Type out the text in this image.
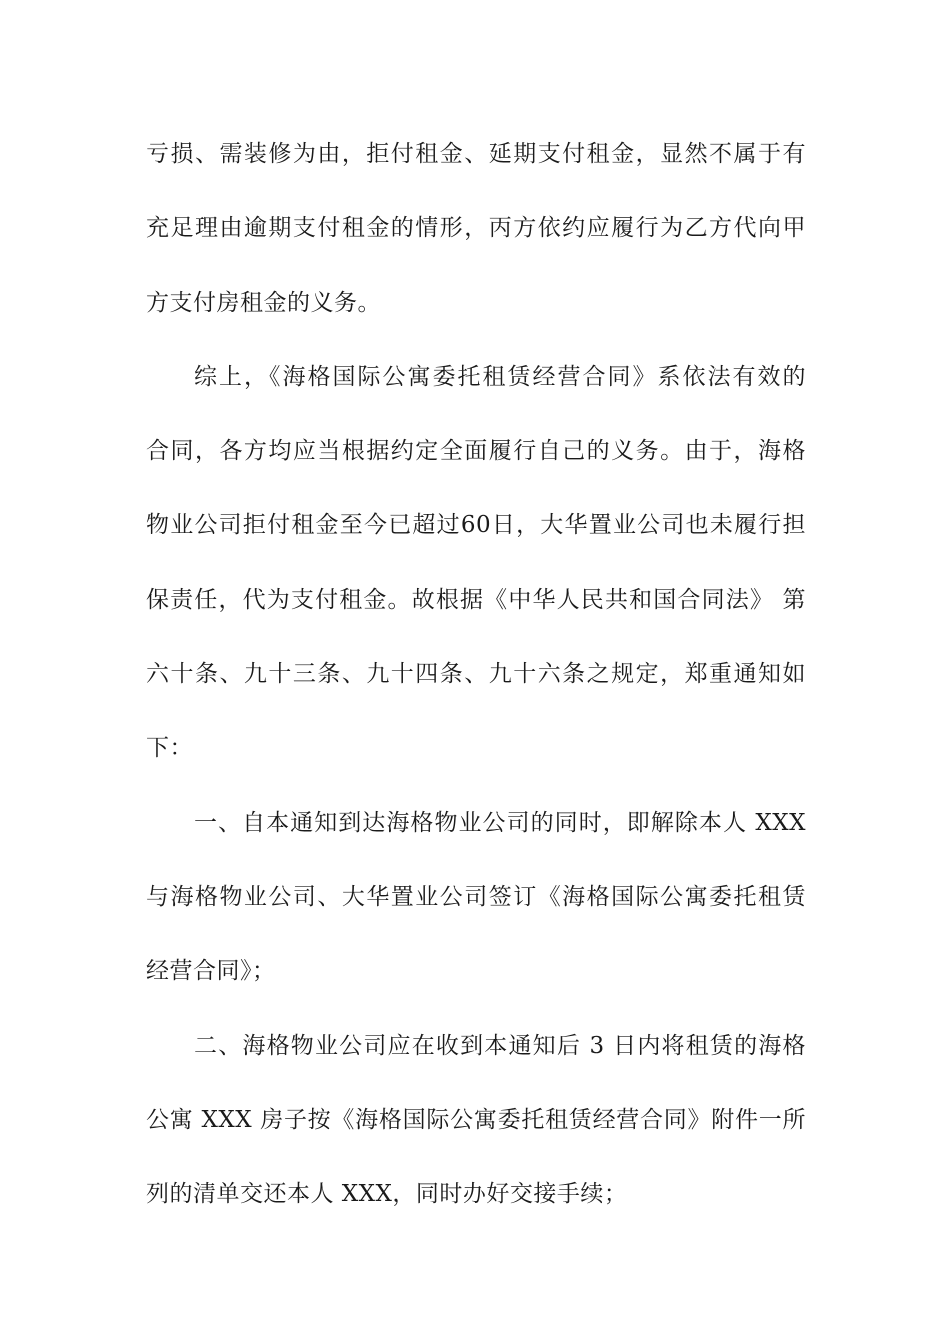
亏损、需装修为由，拒付租金、延期支付租金，显然不属于有
充足理由逾期支付租金的情形，丙方依约应履行为乙方代向甲
方支付房租金的义务。
综上，《海格国际公寓委托租赁经营合同》系依法有效的
合同，各方均应当根据约定全面履行自己的义务。由于，海格
物业公司拒付租金至今已超过60日，大华置业公司也未履行担
保责任，代为支付租金。故根据《中华人民共和国合同法》 第
六十条、九十三条、九十四条、九十六条之规定，郑重通知如
下：
一、自本通知到达海格物业公司的同时，即解除本人 XXX
与海格物业公司、大华置业公司签订《海格国际公寓委托租赁
经营合同》；
二、海格物业公司应在收到本通知后 3 日内将租赁的海格
公寓 XXX 房子按《海格国际公寓委托租赁经营合同》附件一所
列的清单交还本人 XXX，同时办好交接手续；
